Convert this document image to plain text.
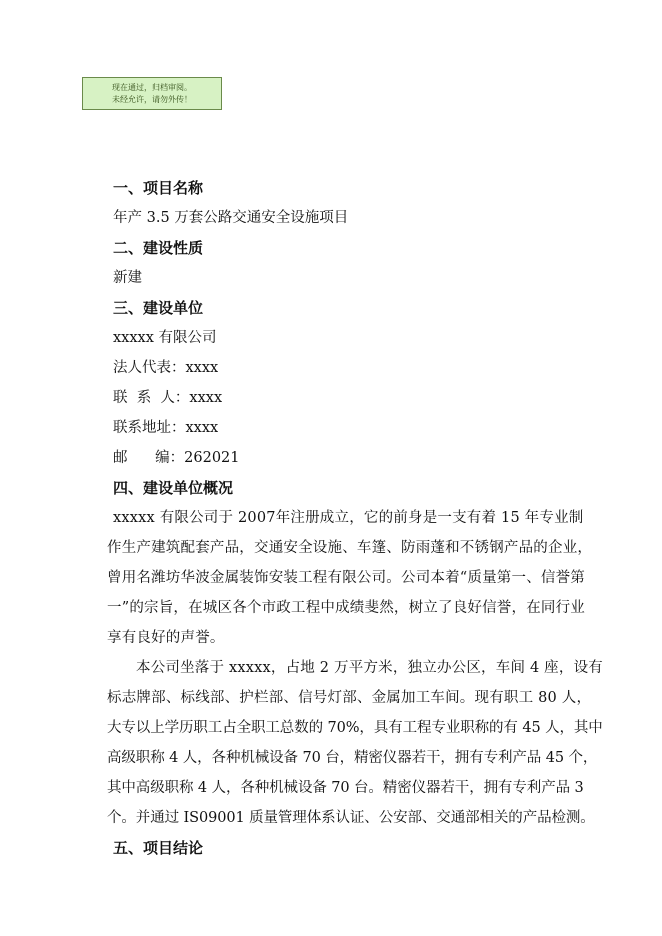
现在通过，归档审阅。
未经允许，请勿外传！
一、项目名称
年产 3.5 万套公路交通安全设施项目
二、建设性质
新建
三、建设单位
xxxxx 有限公司
法人代表：xxxx
联  系  人：xxxx
联系地址：xxxx
邮      编：262021
四、建设单位概况
xxxxx 有限公司于 2007年注册成立，它的前身是一支有着 15 年专业制
作生产建筑配套产品，交通安全设施、车篷、防雨蓬和不锈钢产品的企业，
曾用名潍坊华波金属装饰安装工程有限公司。公司本着“质量第一、信誉第
一”的宗旨，在城区各个市政工程中成绩斐然，树立了良好信誉，在同行业
享有良好的声誉。
本公司坐落于 xxxxx，占地 2 万平方米，独立办公区，车间 4 座，设有
标志牌部、标线部、护栏部、信号灯部、金属加工车间。现有职工 80 人，
大专以上学历职工占全职工总数的 70%，具有工程专业职称的有 45 人，其中
高级职称 4 人，各种机械设备 70 台，精密仪器若干，拥有专利产品 45 个，
其中高级职称 4 人，各种机械设备 70 台。精密仪器若干，拥有专利产品 3
个。并通过 IS09001 质量管理体系认证、公安部、交通部相关的产品检测。
五、项目结论
